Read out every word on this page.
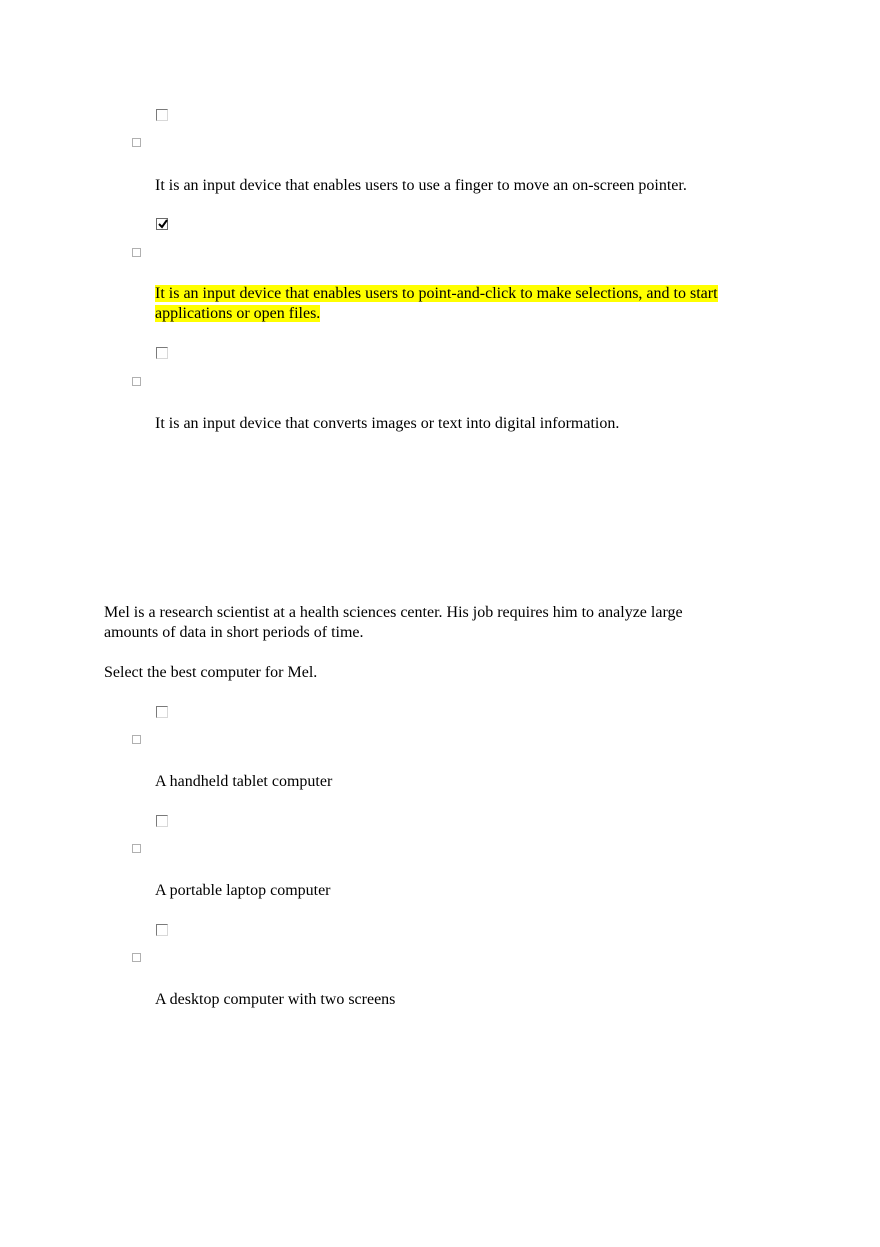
It is an input device that enables users to use a finger to move an on-screen pointer.
It is an input device that enables users to point-and-click to make selections, and to start
applications or open files.
It is an input device that converts images or text into digital information.
Mel is a research scientist at a health sciences center. His job requires him to analyze large
amounts of data in short periods of time.
Select the best computer for Mel.
A handheld tablet computer
A portable laptop computer
A desktop computer with two screens
